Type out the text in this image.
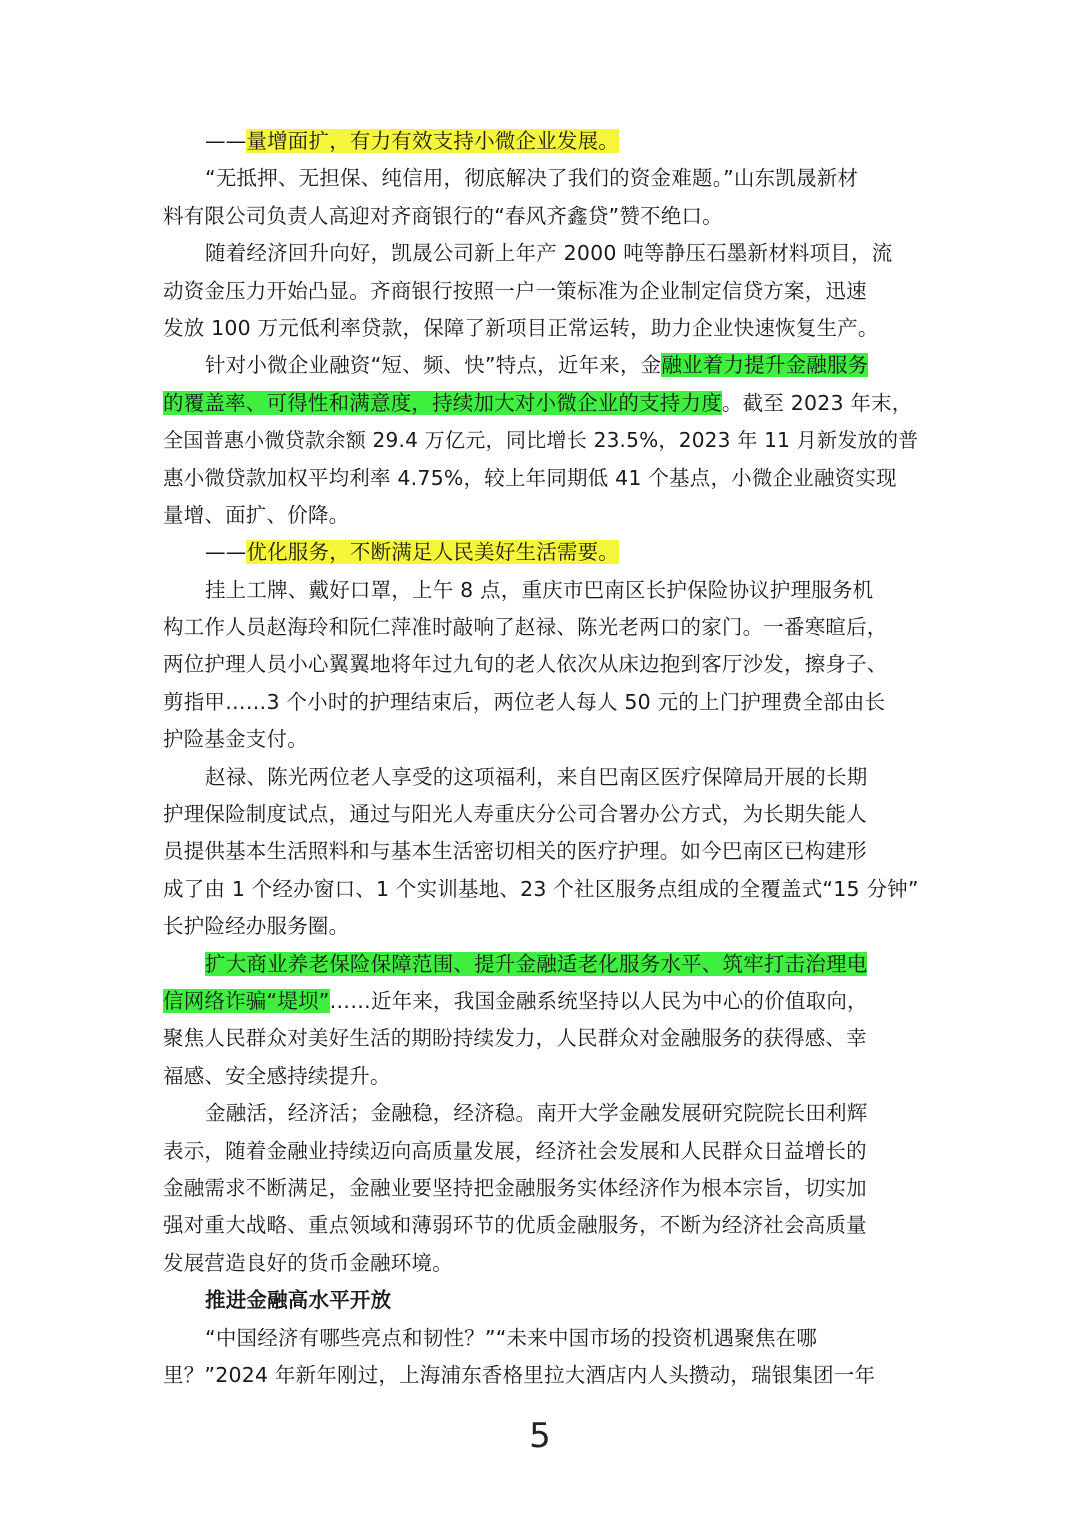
——量增面扩，有力有效支持小微企业发展。
“无抵押、无担保、纯信用，彻底解决了我们的资金难题。”山东凯晟新材
料有限公司负责人高迎对齐商银行的“春风齐鑫贷”赞不绝口。
随着经济回升向好，凯晟公司新上年产 2000 吨等静压石墨新材料项目，流
动资金压力开始凸显。齐商银行按照一户一策标准为企业制定信贷方案，迅速
发放 100 万元低利率贷款，保障了新项目正常运转，助力企业快速恢复生产。
针对小微企业融资“短、频、快”特点，近年来，金融业着力提升金融服务
的覆盖率、可得性和满意度，持续加大对小微企业的支持力度。截至 2023 年末，
全国普惠小微贷款余额 29.4 万亿元，同比增长 23.5%，2023 年 11 月新发放的普
惠小微贷款加权平均利率 4.75%，较上年同期低 41 个基点，小微企业融资实现
量增、面扩、价降。
——优化服务，不断满足人民美好生活需要。
挂上工牌、戴好口罩，上午 8 点，重庆市巴南区长护保险协议护理服务机
构工作人员赵海玲和阮仁萍准时敲响了赵禄、陈光老两口的家门。一番寒暄后，
两位护理人员小心翼翼地将年过九旬的老人依次从床边抱到客厅沙发，擦身子、
剪指甲……3 个小时的护理结束后，两位老人每人 50 元的上门护理费全部由长
护险基金支付。
赵禄、陈光两位老人享受的这项福利，来自巴南区医疗保障局开展的长期
护理保险制度试点，通过与阳光人寿重庆分公司合署办公方式，为长期失能人
员提供基本生活照料和与基本生活密切相关的医疗护理。如今巴南区已构建形
成了由 1 个经办窗口、1 个实训基地、23 个社区服务点组成的全覆盖式“15 分钟”
长护险经办服务圈。
扩大商业养老保险保障范围、提升金融适老化服务水平、筑牢打击治理电
信网络诈骗“堤坝”……近年来，我国金融系统坚持以人民为中心的价值取向，
聚焦人民群众对美好生活的期盼持续发力，人民群众对金融服务的获得感、幸
福感、安全感持续提升。
金融活，经济活；金融稳，经济稳。南开大学金融发展研究院院长田利辉
表示，随着金融业持续迈向高质量发展，经济社会发展和人民群众日益增长的
金融需求不断满足，金融业要坚持把金融服务实体经济作为根本宗旨，切实加
强对重大战略、重点领域和薄弱环节的优质金融服务，不断为经济社会高质量
发展营造良好的货币金融环境。
推进金融高水平开放
“中国经济有哪些亮点和韧性？”“未来中国市场的投资机遇聚焦在哪
里？”2024 年新年刚过，上海浦东香格里拉大酒店内人头攒动，瑞银集团一年
5
